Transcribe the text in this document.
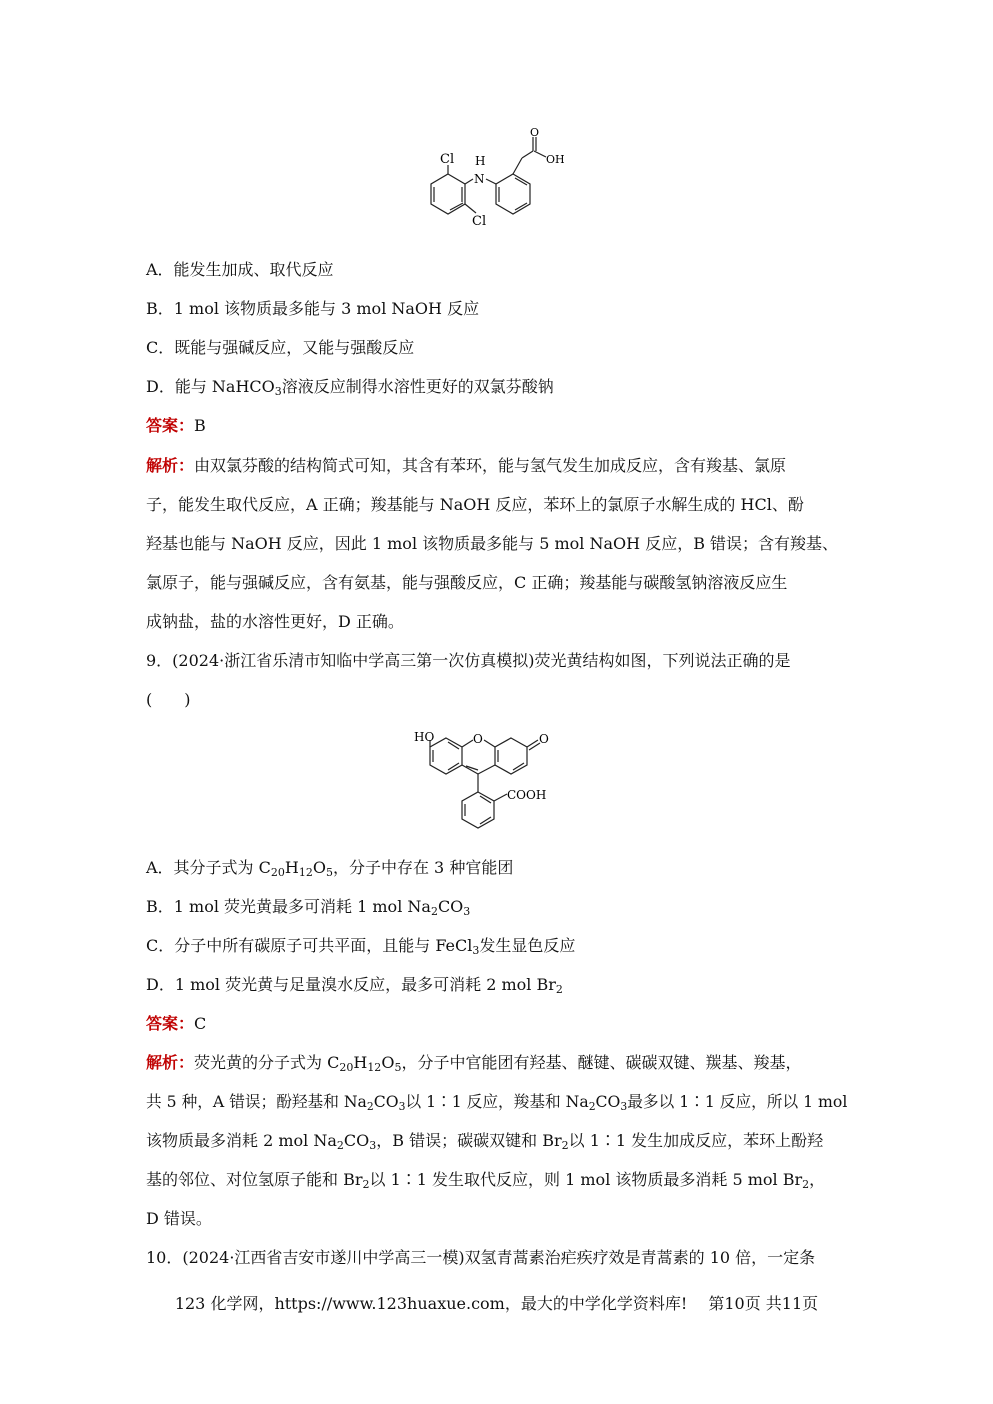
Cl
Cl
H
N
O
OH
A．能发生加成、取代反应
B．1 mol 该物质最多能与 3 mol NaOH 反应
C．既能与强碱反应，又能与强酸反应
D．能与 NaHCO$_3$溶液反应制得水溶性更好的双氯芬酸钠
答案：B
解析：由双氯芬酸的结构简式可知，其含有苯环，能与氢气发生加成反应，含有羧基、氯原
子，能发生取代反应，A 正确；羧基能与 NaOH 反应，苯环上的氯原子水解生成的 HCl、酚
羟基也能与 NaOH 反应，因此 1 mol 该物质最多能与 5 mol NaOH 反应，B 错误；含有羧基、
氯原子，能与强碱反应，含有氨基，能与强酸反应，C 正确；羧基能与碳酸氢钠溶液反应生
成钠盐，盐的水溶性更好，D 正确。
9．(2024·浙江省乐清市知临中学高三第一次仿真模拟)荧光黄结构如图，下列说法正确的是
(　　)
HO	O	O
COOH
A．其分子式为 $C_{20}H_{12}O_5$，分子中存在 3 种官能团
B．1 mol 荧光黄最多可消耗 1 mol $Na_2CO_3$
C．分子中所有碳原子可共平面，且能与 FeCl$_3$发生显色反应
D．1 mol 荧光黄与足量溴水反应，最多可消耗 2 mol $Br_2$
答案：C
解析：荧光黄的分子式为 $C_{20}H_{12}O_5$，分子中官能团有羟基、醚键、碳碳双键、羰基、羧基，
共 5 种，A 错误；酚羟基和 $Na_2CO_3$以 1∶1 反应，羧基和 $Na_2CO_3$最多以 1∶1 反应，所以 1 mol
该物质最多消耗 2 mol $Na_2CO_3$，B 错误；碳碳双键和 $Br_2$以 1∶1 发生加成反应，苯环上酚羟
基的邻位、对位氢原子能和 $Br_2$以 1∶1 发生取代反应，则 1 mol 该物质最多消耗 5 mol $Br_2$，
D 错误。
10．(2024·江西省吉安市遂川中学高三一模)双氢青蒿素治疟疾疗效是青蒿素的 10 倍，一定条
123 化学网，https://www.123huaxue.com，最大的中学化学资料库!　 第10页 共11页
